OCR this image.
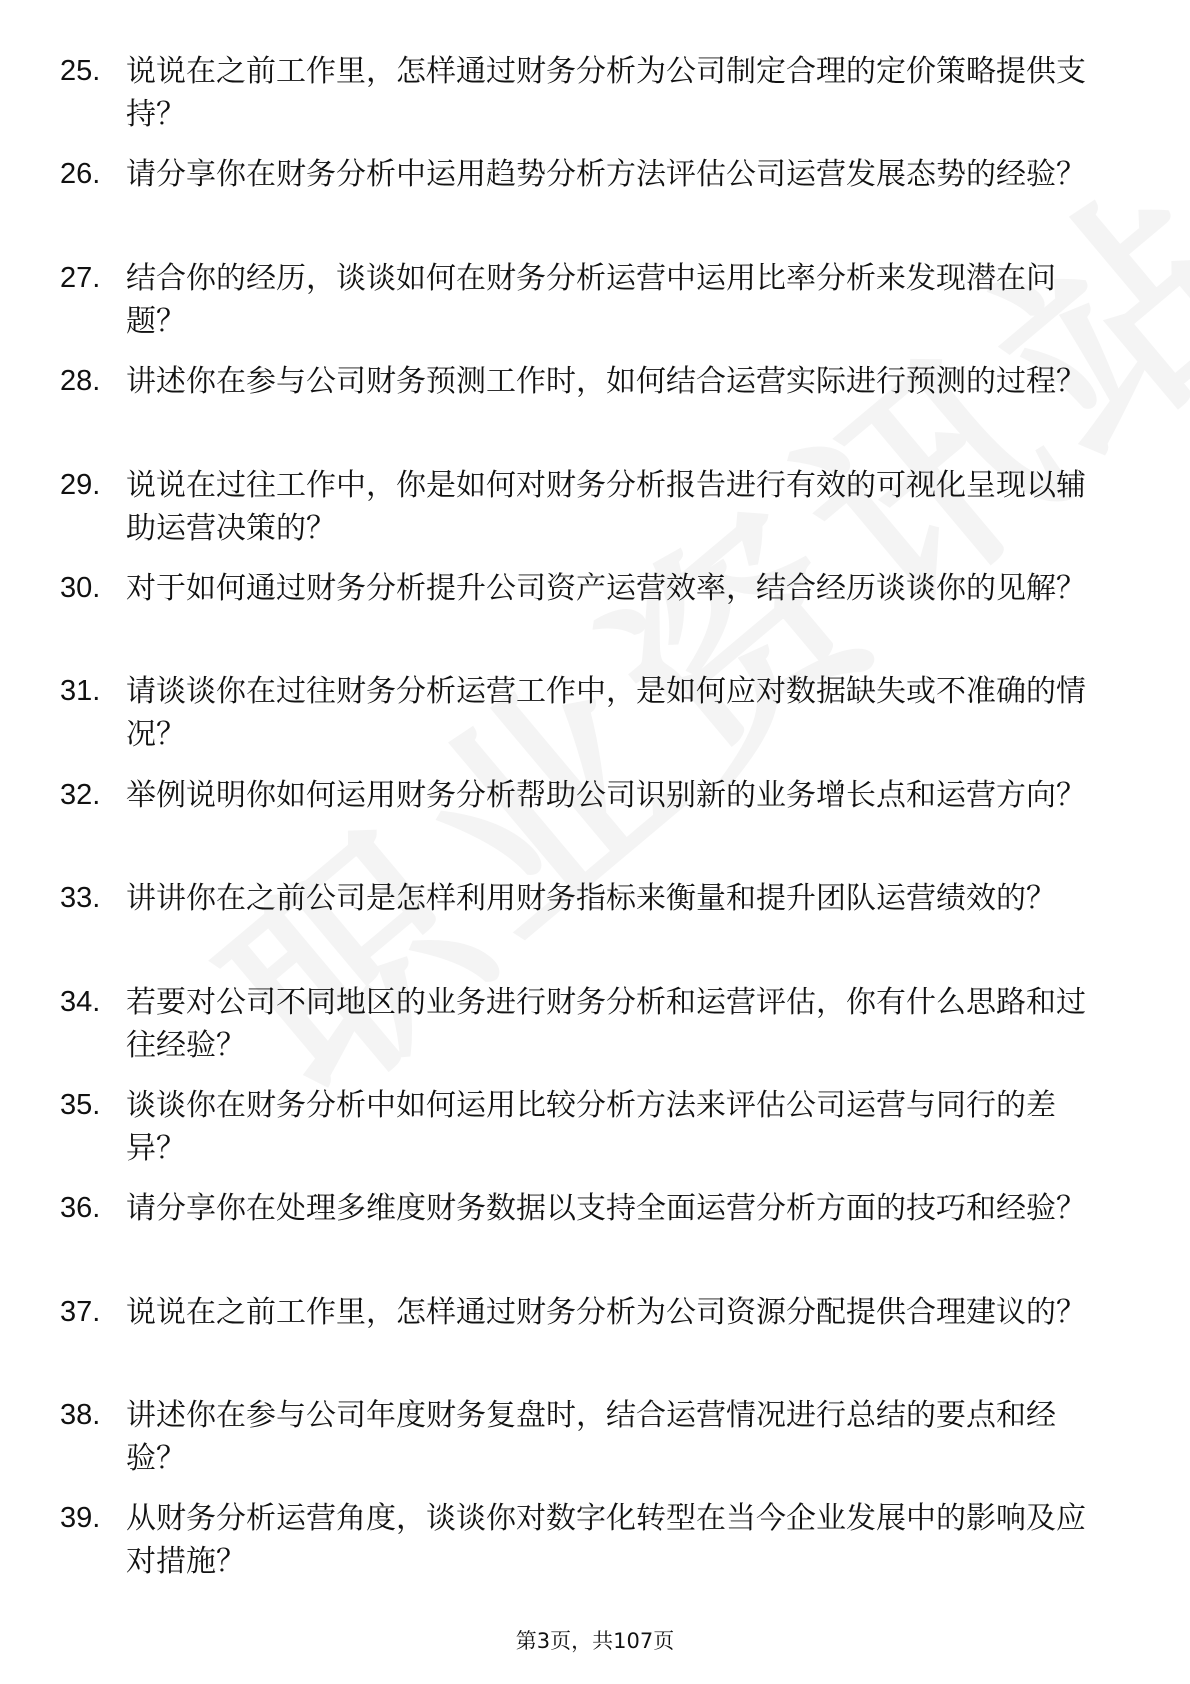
25. 说说在之前工作里，怎样通过财务分析为公司制定合理的定价策略提供支持？
26. 请分享你在财务分析中运用趋势分析方法评估公司运营发展态势的经验？
27. 结合你的经历，谈谈如何在财务分析运营中运用比率分析来发现潜在问题？
28. 讲述你在参与公司财务预测工作时，如何结合运营实际进行预测的过程？
29. 说说在过往工作中，你是如何对财务分析报告进行有效的可视化呈现以辅助运营决策的？
30. 对于如何通过财务分析提升公司资产运营效率，结合经历谈谈你的见解？
31. 请谈谈你在过往财务分析运营工作中，是如何应对数据缺失或不准确的情况？
32. 举例说明你如何运用财务分析帮助公司识别新的业务增长点和运营方向？
33. 讲讲你在之前公司是怎样利用财务指标来衡量和提升团队运营绩效的？
34. 若要对公司不同地区的业务进行财务分析和运营评估，你有什么思路和过往经验？
35. 谈谈你在财务分析中如何运用比较分析方法来评估公司运营与同行的差异？
36. 请分享你在处理多维度财务数据以支持全面运营分析方面的技巧和经验？
37. 说说在之前工作里，怎样通过财务分析为公司资源分配提供合理建议的？
38. 讲述你在参与公司年度财务复盘时，结合运营情况进行总结的要点和经验？
39. 从财务分析运营角度，谈谈你对数字化转型在当今企业发展中的影响及应对措施？
第3页，共107页
